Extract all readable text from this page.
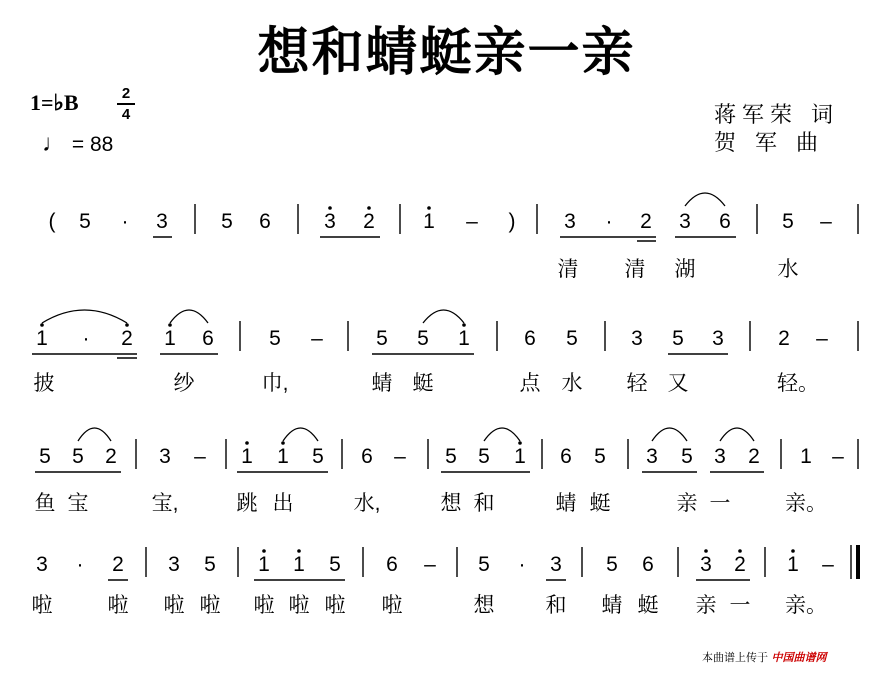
想和蜻蜓亲一亲
1=♭B	2
4
♩ = 88
蒋军荣 词
贺 军 曲
( 5 · 3	5 6	3 2 1 – ) 3 · 2 3 6 5 –
清 清 湖	水
1 · 2 1 6	5 –	5 5 1	6 5	3 5 3	2 –
披	纱	巾,	蜻 蜓	点 水 轻 又	轻。
5 5 2 3 – 1 1 5 6 – 5 5 1 6 5 3 5 3 2 1 –
鱼 宝	宝,	跳 出	水,	想 和	蜻 蜓	亲 一	亲。
3 · 2 3 5 1 1 5 6 – 5 · 3 5 6 3 2 1 –
啦	啦 啦 啦 啦 啦 啦 啦	想 和 蜻 蜓 亲 一 亲。
本曲谱上传于 中国曲谱网
